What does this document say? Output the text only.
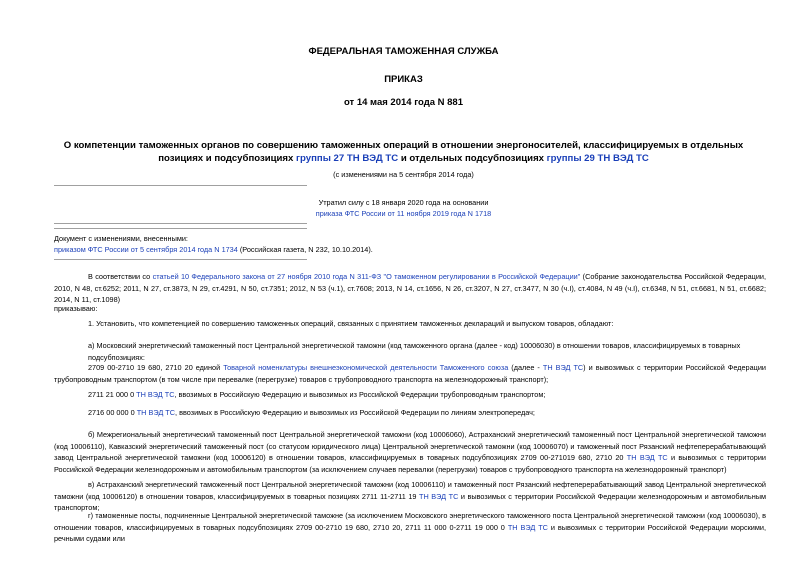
ФЕДЕРАЛЬНАЯ ТАМОЖЕННАЯ СЛУЖБА
ПРИКАЗ
от 14 мая 2014 года N 881
О компетенции таможенных органов по совершению таможенных операций в отношении энергоносителей, классифицируемых в отдельных позициях и подсубпозициях группы 27 ТН ВЭД ТС и отдельных подсубпозициях группы 29 ТН ВЭД ТС
(с изменениями на 5 сентября 2014 года)
Утратил силу с 18 января 2020 года на основании
приказа ФТС России от 11 ноября 2019 года N 1718
Документ с изменениями, внесенными:
приказом ФТС России от 5 сентября 2014 года N 1734 (Российская газета, N 232, 10.10.2014).
В соответствии со статьей 10 Федерального закона от 27 ноября 2010 года N 311-ФЗ "О таможенном регулировании в Российской Федерации" (Собрание законодательства Российской Федерации, 2010, N 48, ст.6252; 2011, N 27, ст.3873, N 29, ст.4291, N 50, ст.7351; 2012, N 53 (ч.1), ст.7608; 2013, N 14, ст.1656, N 26, ст.3207, N 27, ст.3477, N 30 (ч.I), ст.4084, N 49 (ч.I), ст.6348, N 51, ст.6681, N 51, ст.6682; 2014, N 11, ст.1098)
приказываю:
1. Установить, что компетенцией по совершению таможенных операций, связанных с принятием таможенных деклараций и выпуском товаров, обладают:
а) Московский энергетический таможенный пост Центральной энергетической таможни (код таможенного органа (далее - код) 10006030) в отношении товаров, классифицируемых в товарных подсубпозициях:
2709 00-2710 19 680, 2710 20 единой Товарной номенклатуры внешнеэкономической деятельности Таможенного союза (далее - ТН ВЭД ТС) и вывозимых с территории Российской Федерации трубопроводным транспортом (в том числе при перевалке (перегрузке) товаров с трубопроводного транспорта на железнодорожный транспорт);
2711 21 000 0 ТН ВЭД ТС, ввозимых в Российскую Федерацию и вывозимых из Российской Федерации трубопроводным транспортом;
2716 00 000 0 ТН ВЭД ТС, ввозимых в Российскую Федерацию и вывозимых из Российской Федерации по линиям электропередач;
б) Межрегиональный энергетический таможенный пост Центральной энергетической таможни (код 10006060), Астраханский энергетический таможенный пост Центральной энергетической таможни (код 10006110), Кавказский энергетический таможенный пост (со статусом юридического лица) Центральной энергетической таможни (код 10006070) и таможенный пост Рязанский нефтеперерабатывающий завод Центральной энергетической таможни (код 10006120) в отношении товаров, классифицируемых в товарных подсубпозициях 2709 00-271019 680, 2710 20 ТН ВЭД ТС и вывозимых с территории Российской Федерации железнодорожным и автомобильным транспортом (за исключением случаев перевалки (перегрузки) товаров с трубопроводного транспорта на железнодорожный транспорт)
в) Астраханский энергетический таможенный пост Центральной энергетической таможни (код 10006110) и таможенный пост Рязанский нефтеперерабатывающий завод Центральной энергетической таможни (код 10006120) в отношении товаров, классифицируемых в товарных позициях 2711 11-2711 19 ТН ВЭД ТС и вывозимых с территории Российской Федерации железнодорожным и автомобильным транспортом;
г) таможенные посты, подчиненные Центральной энергетической таможне (за исключением Московского энергетического таможенного поста Центральной энергетической таможни (код 10006030), в отношении товаров, классифицируемых в товарных подсубпозициях 2709 00-2710 19 680, 2710 20, 2711 11 000 0-2711 19 000 0 ТН ВЭД ТС и вывозимых с территории Российской Федерации морскими, речными судами или
